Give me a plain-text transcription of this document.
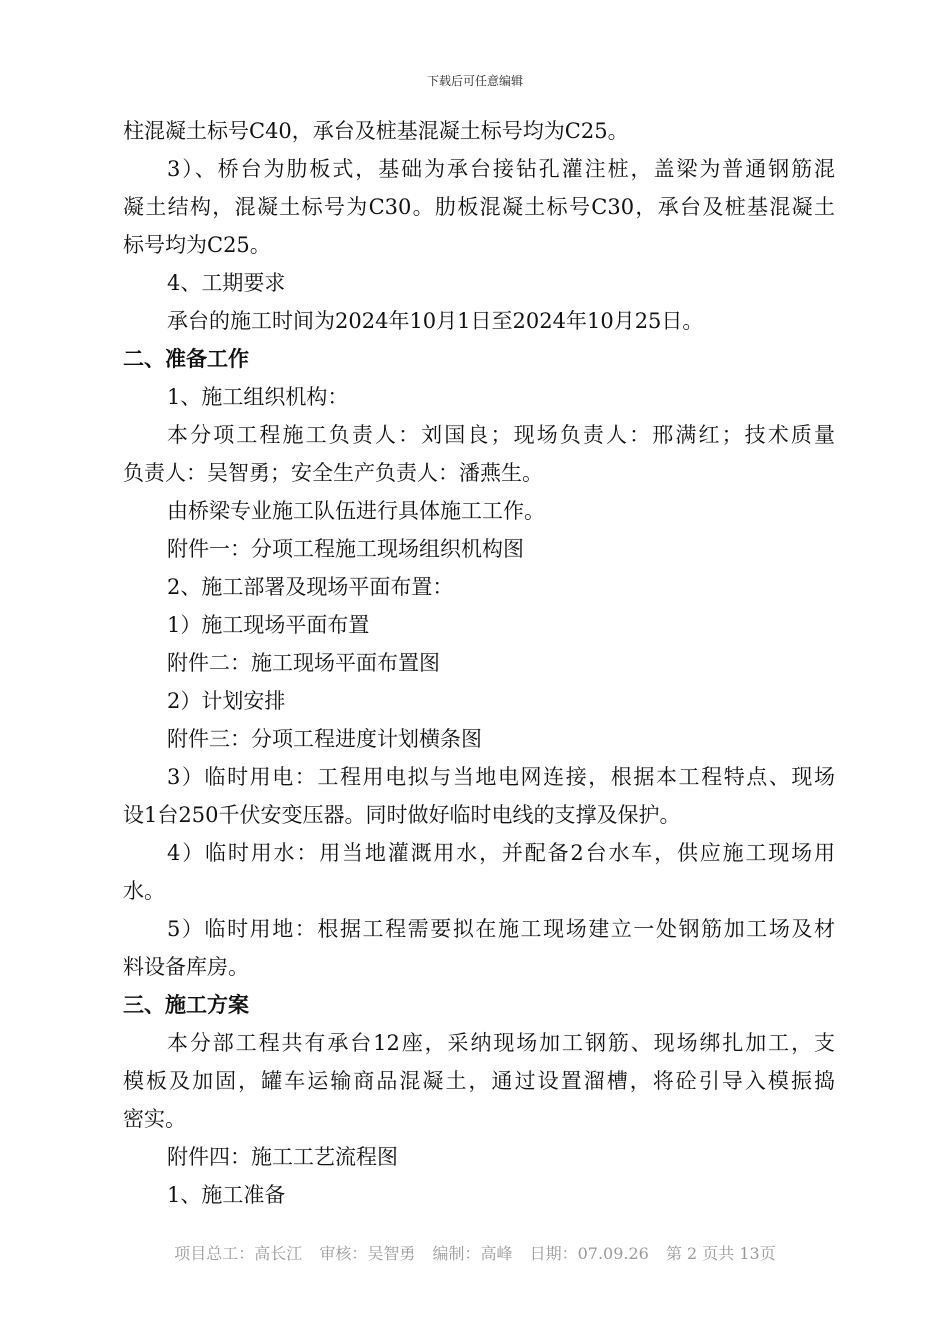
下载后可任意编辑
柱混凝土标号C40，承台及桩基混凝土标号均为C25。
3）、桥台为肋板式，基础为承台接钻孔灌注桩，盖梁为普通钢筋混
凝土结构，混凝土标号为C30。肋板混凝土标号C30，承台及桩基混凝土
标号均为C25。
4、工期要求
承台的施工时间为2024年10月1日至2024年10月25日。
二、准备工作
1、施工组织机构：
本分项工程施工负责人：刘国良；现场负责人：邢满红；技术质量
负责人：吴智勇；安全生产负责人：潘燕生。
由桥梁专业施工队伍进行具体施工工作。
附件一：分项工程施工现场组织机构图
2、施工部署及现场平面布置：
1）施工现场平面布置
附件二：施工现场平面布置图
2）计划安排
附件三：分项工程进度计划横条图
3）临时用电：工程用电拟与当地电网连接，根据本工程特点、现场
设1台250千伏安变压器。同时做好临时电线的支撑及保护。
4）临时用水：用当地灌溉用水，并配备2台水车，供应施工现场用
水。
5）临时用地：根据工程需要拟在施工现场建立一处钢筋加工场及材
料设备库房。
三、施工方案
本分部工程共有承台12座，采纳现场加工钢筋、现场绑扎加工，支
模板及加固，罐车运输商品混凝土，通过设置溜槽，将砼引导入模振捣
密实。
附件四：施工工艺流程图
1、施工准备
项目总工：高长江 审核：吴智勇 编制：高峰 日期：07.09.26 第 2 页共 13页
